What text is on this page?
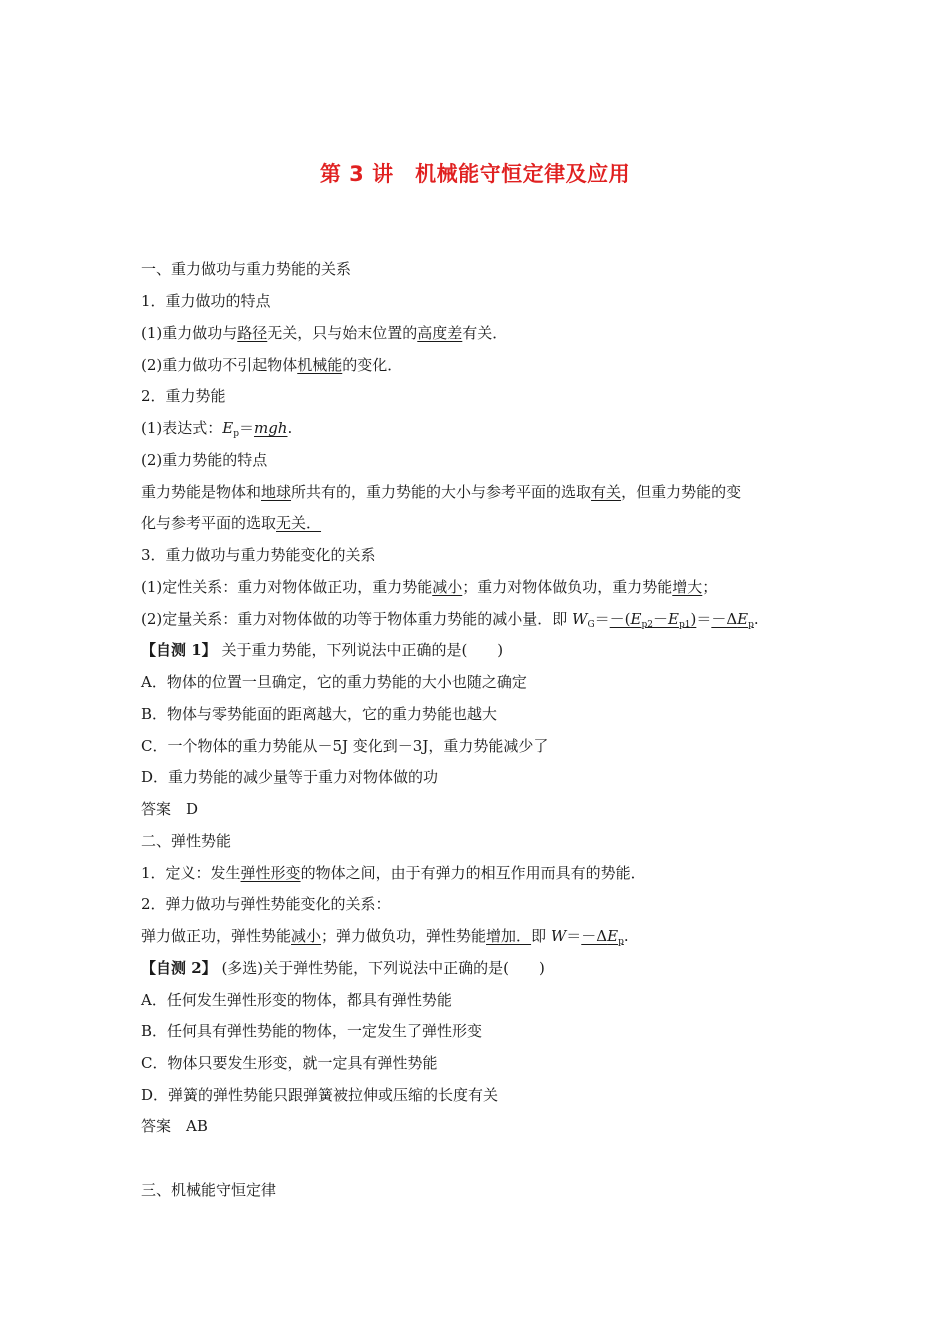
第 3 讲　机械能守恒定律及应用
一、重力做功与重力势能的关系
1．重力做功的特点
(1)重力做功与路径无关，只与始末位置的高度差有关．
(2)重力做功不引起物体机械能的变化．
2．重力势能
(1)表达式：$E_p=mgh$.
(2)重力势能的特点
重力势能是物体和地球所共有的，重力势能的大小与参考平面的选取有关，但重力势能的变
化与参考平面的选取无关．
3．重力做功与重力势能变化的关系
(1)定性关系：重力对物体做正功，重力势能减小；重力对物体做负功，重力势能增大；
(2)定量关系：重力对物体做的功等于物体重力势能的减小量．即 $W_G=-(E_{p2}-E_{p1})=-\Delta E_p$.
【自测 1】 关于重力势能，下列说法中正确的是(　　)
A．物体的位置一旦确定，它的重力势能的大小也随之确定
B．物体与零势能面的距离越大，它的重力势能也越大
C．一个物体的重力势能从－5J 变化到－3J，重力势能减少了
D．重力势能的减少量等于重力对物体做的功
答案　D
二、弹性势能
1．定义：发生弹性形变的物体之间，由于有弹力的相互作用而具有的势能．
2．弹力做功与弹性势能变化的关系：
弹力做正功，弹性势能减小；弹力做负功，弹性势能增加．即 $W=-\Delta E_p$.
【自测 2】 (多选)关于弹性势能，下列说法中正确的是(　　)
A．任何发生弹性形变的物体，都具有弹性势能
B．任何具有弹性势能的物体，一定发生了弹性形变
C．物体只要发生形变，就一定具有弹性势能
D．弹簧的弹性势能只跟弹簧被拉伸或压缩的长度有关
答案　AB
三、机械能守恒定律
